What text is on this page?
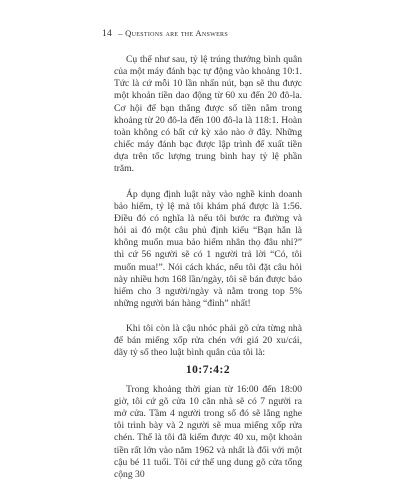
14 – Questions are the Answers

Cụ thể như sau, tỷ lệ trúng thưởng bình quân của một máy đánh bạc tự động vào khoảng 10:1. Tức là cứ mỗi 10 lần nhấn nút, bạn sẽ thu được một khoản tiền dao động từ 60 xu đến 20 đô-la. Cơ hội để bạn thắng được số tiền nằm trong khoảng từ 20 đô-la đến 100 đô-la là 118:1. Hoàn toàn không có bất cứ kỳ xảo nào ở đây. Những chiếc máy đánh bạc được lập trình để xuất tiền dựa trên tốc lượng trung bình hay tỷ lệ phần trăm.

Áp dụng định luật này vào nghề kinh doanh bảo hiểm, tỷ lệ mà tôi khám phá được là 1:56. Điều đó có nghĩa là nếu tôi bước ra đường và hỏi ai đó một câu phủ định kiểu “Bạn hẳn là không muốn mua bảo hiểm nhân thọ đâu nhỉ?” thì cứ 56 người sẽ có 1 người trả lời “Có, tôi muốn mua!”. Nói cách khác, nếu tôi đặt câu hỏi này nhiều hơn 168 lần/ngày, tôi sẽ bán được bảo hiểm cho 3 người/ngày và nằm trong top 5% những người bán hàng “đỉnh” nhất!

Khi tôi còn là cậu nhóc phải gõ cửa từng nhà để bán miếng xốp rửa chén với giá 20 xu/cái, dãy tỷ số theo luật bình quân của tôi là:

10:7:4:2

Trong khoảng thời gian từ 16:00 đến 18:00 giờ, tôi cứ gõ cửa 10 căn nhà sẽ có 7 người ra mở cửa. Tầm 4 người trong số đó sẽ lắng nghe tôi trình bày và 2 người sẽ mua miếng xốp rửa chén. Thế là tôi đã kiếm được 40 xu, một khoản tiền rất lớn vào năm 1962 và nhất là đối với một cậu bé 11 tuổi. Tôi cứ thế ung dung gõ cửa tổng cộng 30
